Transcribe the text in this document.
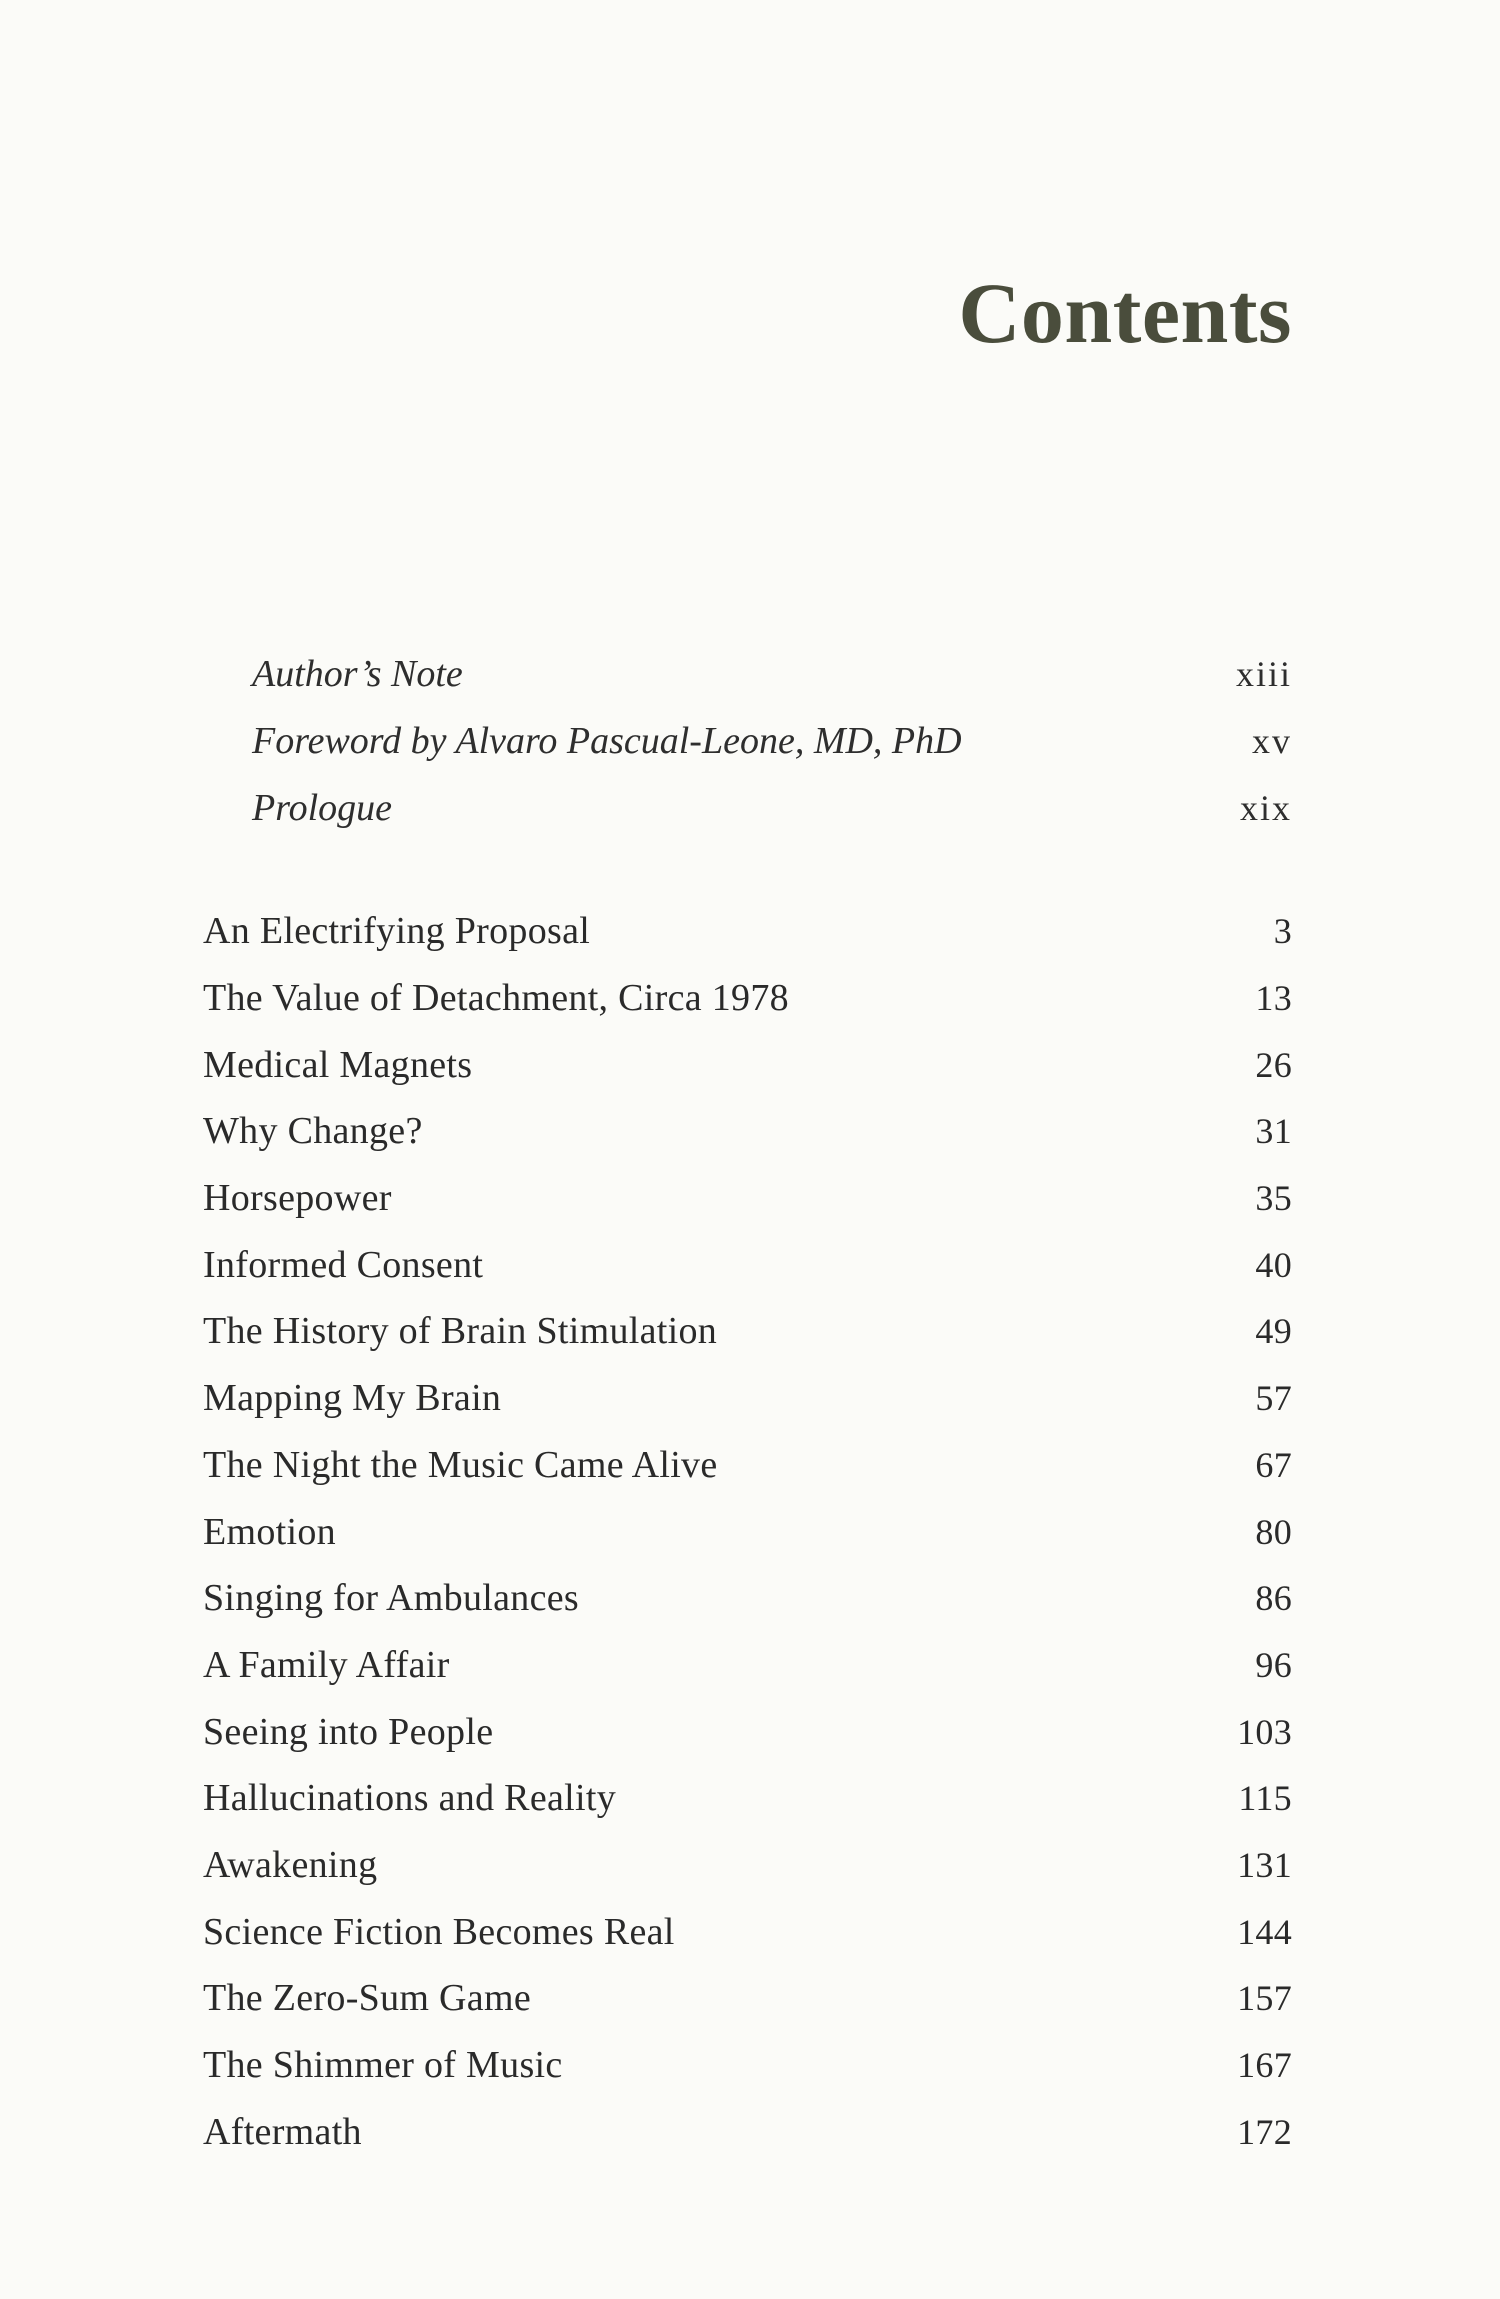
Contents
Author’s Note	xiii
Foreword by Alvaro Pascual-Leone, MD, PhD	xv
Prologue	xix
An Electrifying Proposal	3
The Value of Detachment, Circa 1978	13
Medical Magnets	26
Why Change?	31
Horsepower	35
Informed Consent	40
The History of Brain Stimulation	49
Mapping My Brain	57
The Night the Music Came Alive	67
Emotion	80
Singing for Ambulances	86
A Family Affair	96
Seeing into People	103
Hallucinations and Reality	115
Awakening	131
Science Fiction Becomes Real	144
The Zero-Sum Game	157
The Shimmer of Music	167
Aftermath	172
